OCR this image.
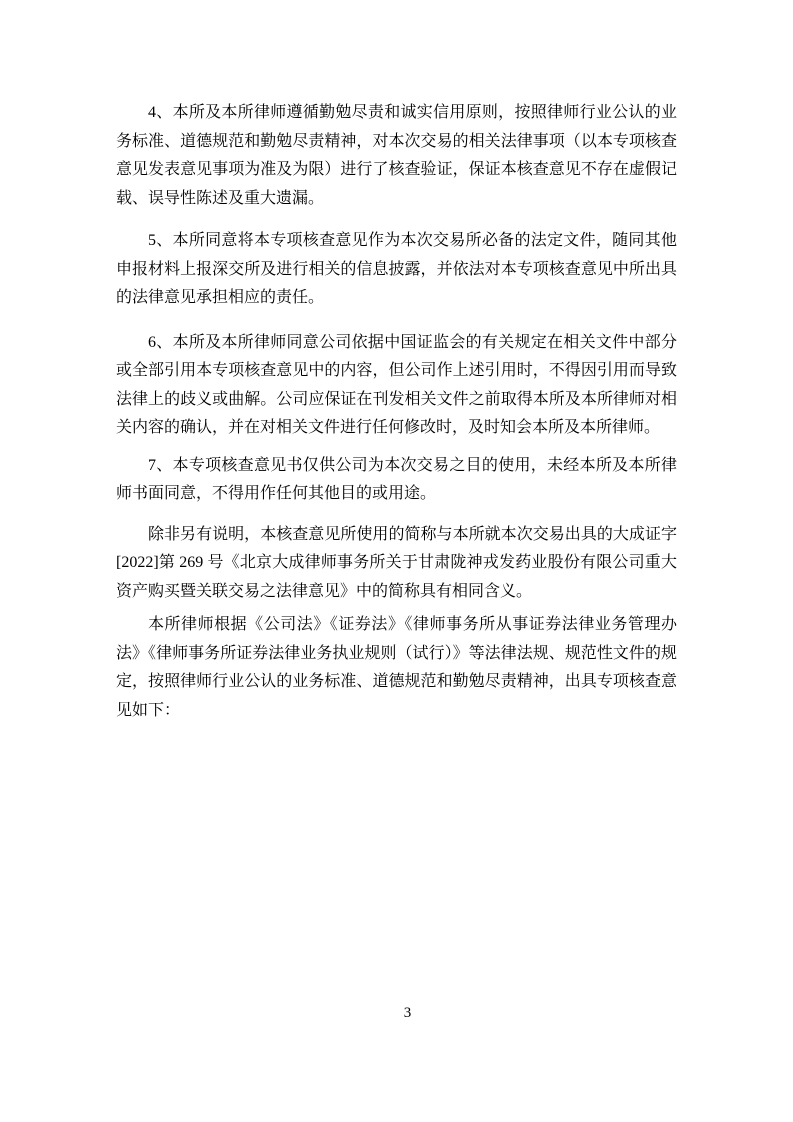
4、本所及本所律师遵循勤勉尽责和诚实信用原则，按照律师行业公认的业务标准、道德规范和勤勉尽责精神，对本次交易的相关法律事项（以本专项核查意见发表意见事项为准及为限）进行了核查验证，保证本核查意见不存在虚假记载、误导性陈述及重大遗漏。

5、本所同意将本专项核查意见作为本次交易所必备的法定文件，随同其他申报材料上报深交所及进行相关的信息披露，并依法对本专项核查意见中所出具的法律意见承担相应的责任。

6、本所及本所律师同意公司依据中国证监会的有关规定在相关文件中部分或全部引用本专项核查意见中的内容，但公司作上述引用时，不得因引用而导致法律上的歧义或曲解。公司应保证在刊发相关文件之前取得本所及本所律师对相关内容的确认，并在对相关文件进行任何修改时，及时知会本所及本所律师。

7、本专项核查意见书仅供公司为本次交易之目的使用，未经本所及本所律师书面同意，不得用作任何其他目的或用途。

除非另有说明，本核查意见所使用的简称与本所就本次交易出具的大成证字[2022]第 269 号《北京大成律师事务所关于甘肃陇神戎发药业股份有限公司重大资产购买暨关联交易之法律意见》中的简称具有相同含义。

本所律师根据《公司法》《证券法》《律师事务所从事证券法律业务管理办法》《律师事务所证券法律业务执业规则（试行）》等法律法规、规范性文件的规定，按照律师行业公认的业务标准、道德规范和勤勉尽责精神，出具专项核查意见如下：

3
